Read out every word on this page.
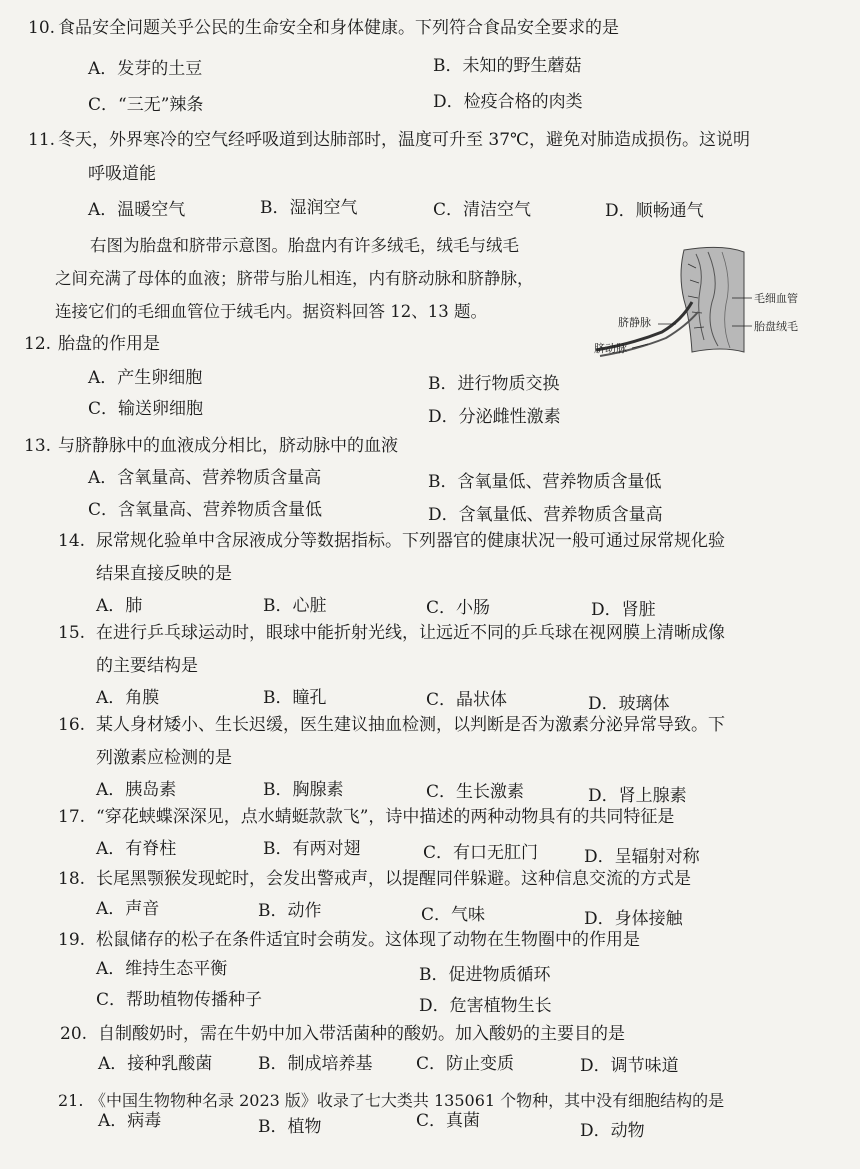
10. 食品安全问题关乎公民的生命安全和身体健康。下列符合食品安全要求的是
A．发芽的土豆	B．未知的野生蘑菇
C．“三无”辣条	D．检疫合格的肉类
11. 冬天，外界寒冷的空气经呼吸道到达肺部时，温度可升至 37℃，避免对肺造成损伤。这说明
呼吸道能
A．温暖空气	B．湿润空气	C．清洁空气	D．顺畅通气
右图为胎盘和脐带示意图。胎盘内有许多绒毛，绒毛与绒毛
之间充满了母体的血液；脐带与胎儿相连，内有脐动脉和脐静脉，
连接它们的毛细血管位于绒毛内。据资料回答 12、13 题。
毛细血管
胎盘绒毛
脐静脉
脐动脉
12. 胎盘的作用是
A．产生卵细胞	B．进行物质交换
C．输送卵细胞	D．分泌雌性激素
13. 与脐静脉中的血液成分相比，脐动脉中的血液
A．含氧量高、营养物质含量高	B．含氧量低、营养物质含量低
C．含氧量高、营养物质含量低	D．含氧量低、营养物质含量高
14. 尿常规化验单中含尿液成分等数据指标。下列器官的健康状况一般可通过尿常规化验
结果直接反映的是
A．肺	B．心脏	C．小肠	D．肾脏
15. 在进行乒乓球运动时，眼球中能折射光线，让远近不同的乒乓球在视网膜上清晰成像
的主要结构是
A．角膜	B．瞳孔	C．晶状体	D．玻璃体
16. 某人身材矮小、生长迟缓，医生建议抽血检测，以判断是否为激素分泌异常导致。下
列激素应检测的是
A．胰岛素	B．胸腺素	C．生长激素	D．肾上腺素
17. “穿花蛱蝶深深见，点水蜻蜓款款飞”，诗中描述的两种动物具有的共同特征是
A．有脊柱	B．有两对翅	C．有口无肛门	D．呈辐射对称
18. 长尾黑颚猴发现蛇时，会发出警戒声，以提醒同伴躲避。这种信息交流的方式是
A．声音	B．动作	C．气味	D．身体接触
19. 松鼠储存的松子在条件适宜时会萌发。这体现了动物在生物圈中的作用是
A．维持生态平衡	B．促进物质循环
C．帮助植物传播种子	D．危害植物生长
20. 自制酸奶时，需在牛奶中加入带活菌种的酸奶。加入酸奶的主要目的是
A．接种乳酸菌	B．制成培养基	C．防止变质	D．调节味道
21. 《中国生物物种名录 2023 版》收录了七大类共 135061 个物种，其中没有细胞结构的是
A．病毒	B．植物	C．真菌	D．动物
